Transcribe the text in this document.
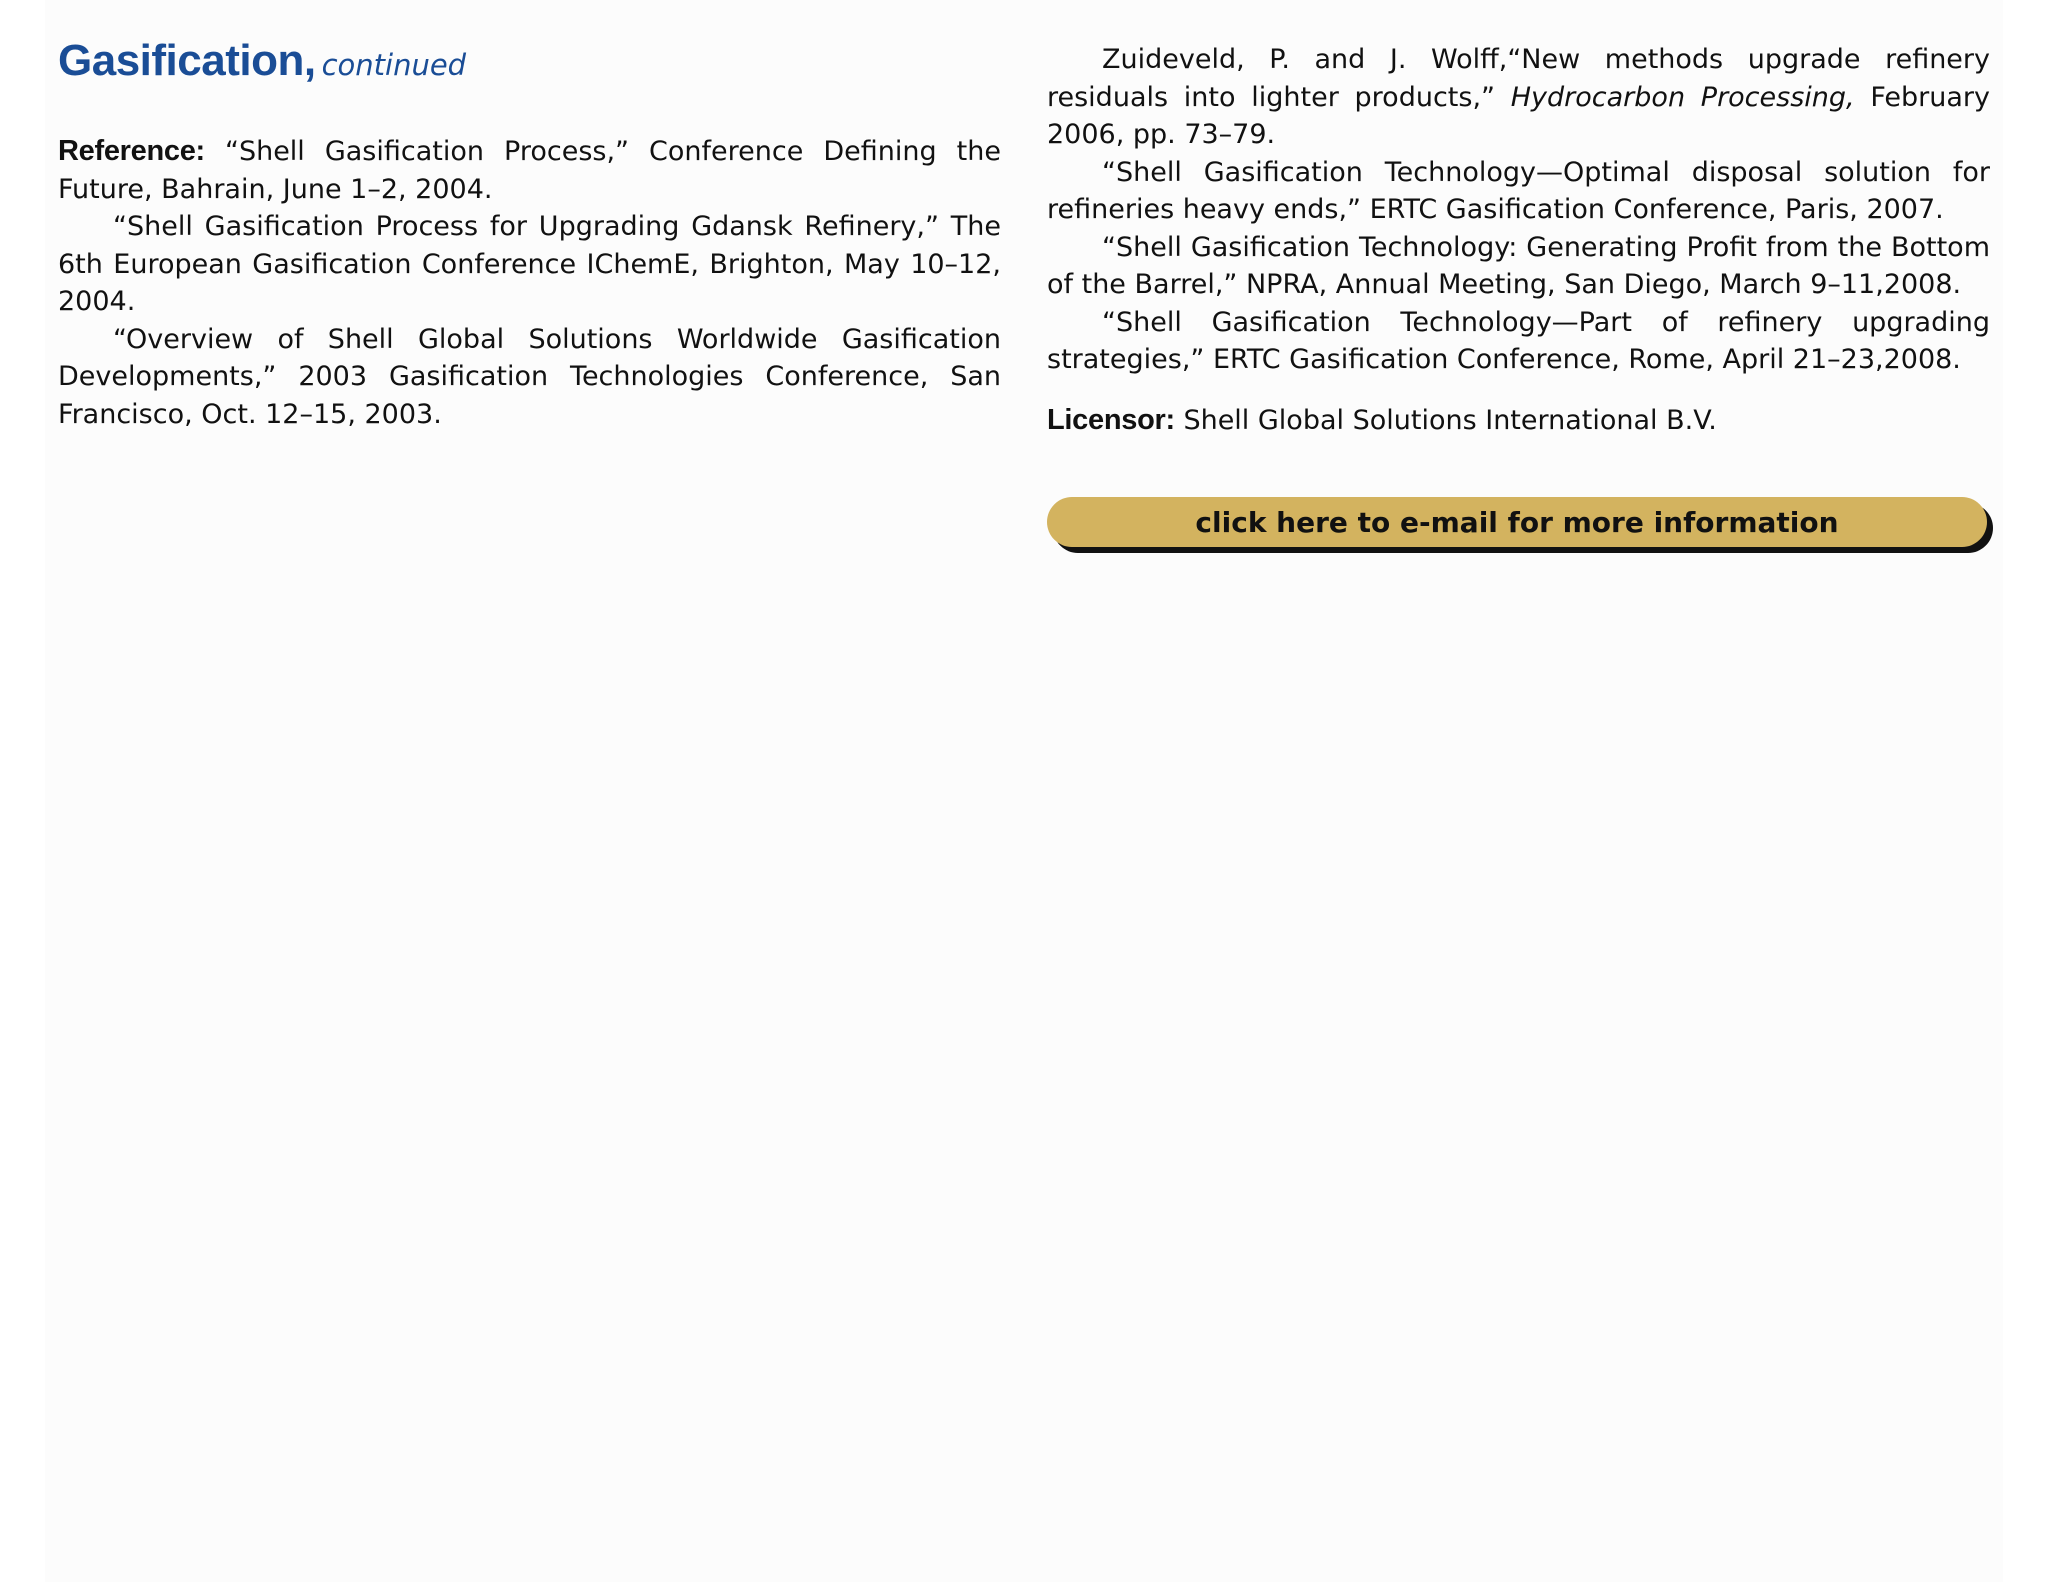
Gasification, continued

Reference: “Shell Gasification Process,” Conference Defining the Future, Bahrain, June 1–2, 2004.

“Shell Gasification Process for Upgrading Gdansk Refinery,” The 6th European Gasification Conference IChemE, Brighton, May 10–12, 2004.

“Overview of Shell Global Solutions Worldwide Gasification Developments,” 2003 Gasification Technologies Conference, San Francisco, Oct. 12–15, 2003.

Zuideveld, P. and J. Wolff,“New methods upgrade refinery residuals into lighter products,” Hydrocarbon Processing, February 2006, pp. 73–79.

“Shell Gasification Technology—Optimal disposal solution for refineries heavy ends,” ERTC Gasification Conference, Paris, 2007.

“Shell Gasification Technology: Generating Profit from the Bottom of the Barrel,” NPRA, Annual Meeting, San Diego, March 9–11,2008.

“Shell Gasification Technology—Part of refinery upgrading strategies,” ERTC Gasification Conference, Rome, April 21–23,2008.

Licensor: Shell Global Solutions International B.V.

click here to e-mail for more information
